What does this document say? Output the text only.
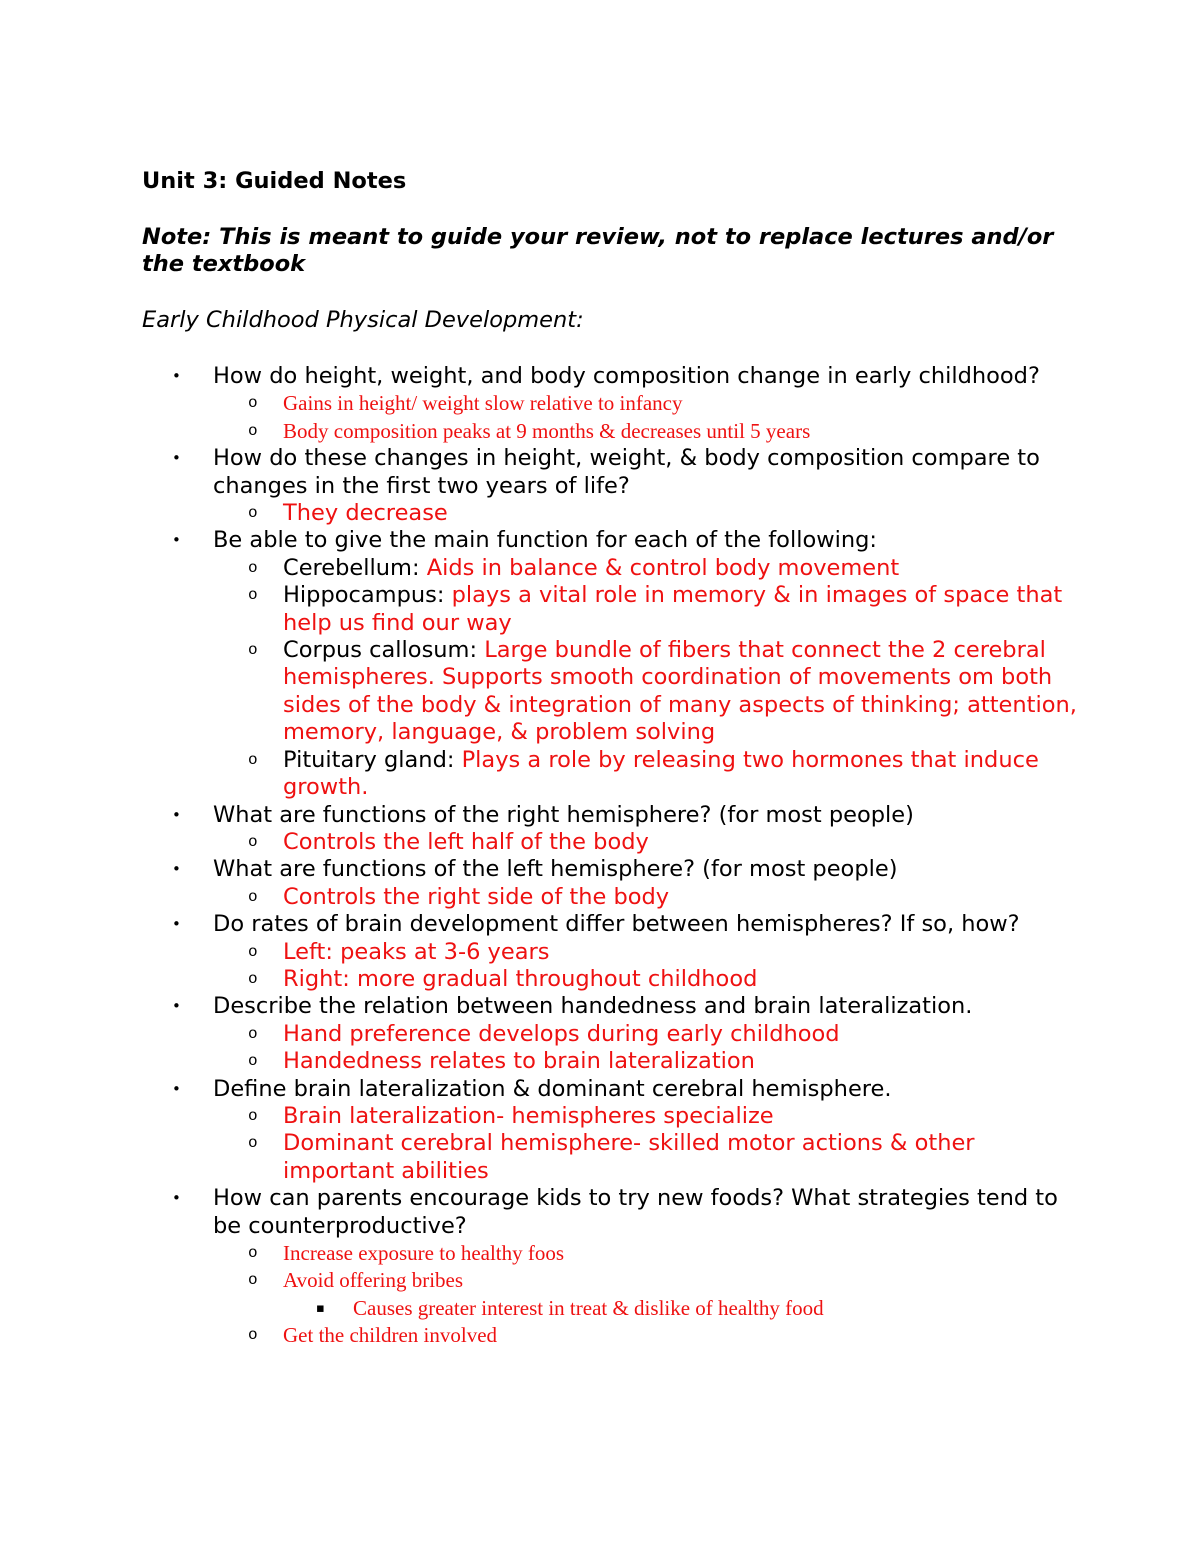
Unit 3: Guided Notes
Note: This is meant to guide your review, not to replace lectures and/or the textbook
Early Childhood Physical Development:
• How do height, weight, and body composition change in early childhood?
o Gains in height/ weight slow relative to infancy
o Body composition peaks at 9 months & decreases until 5 years
• How do these changes in height, weight, & body composition compare to changes in the first two years of life?
o They decrease
• Be able to give the main function for each of the following:
o Cerebellum: Aids in balance & control body movement
o Hippocampus: plays a vital role in memory & in images of space that help us find our way
o Corpus callosum: Large bundle of fibers that connect the 2 cerebral hemispheres. Supports smooth coordination of movements om both sides of the body & integration of many aspects of thinking; attention, memory, language, & problem solving
o Pituitary gland: Plays a role by releasing two hormones that induce growth.
• What are functions of the right hemisphere? (for most people)
o Controls the left half of the body
• What are functions of the left hemisphere? (for most people)
o Controls the right side of the body
• Do rates of brain development differ between hemispheres? If so, how?
o Left: peaks at 3-6 years
o Right: more gradual throughout childhood
• Describe the relation between handedness and brain lateralization.
o Hand preference develops during early childhood
o Handedness relates to brain lateralization
• Define brain lateralization & dominant cerebral hemisphere.
o Brain lateralization- hemispheres specialize
o Dominant cerebral hemisphere- skilled motor actions & other important abilities
• How can parents encourage kids to try new foods? What strategies tend to be counterproductive?
o Increase exposure to healthy foos
o Avoid offering bribes
▪ Causes greater interest in treat & dislike of healthy food
o Get the children involved
